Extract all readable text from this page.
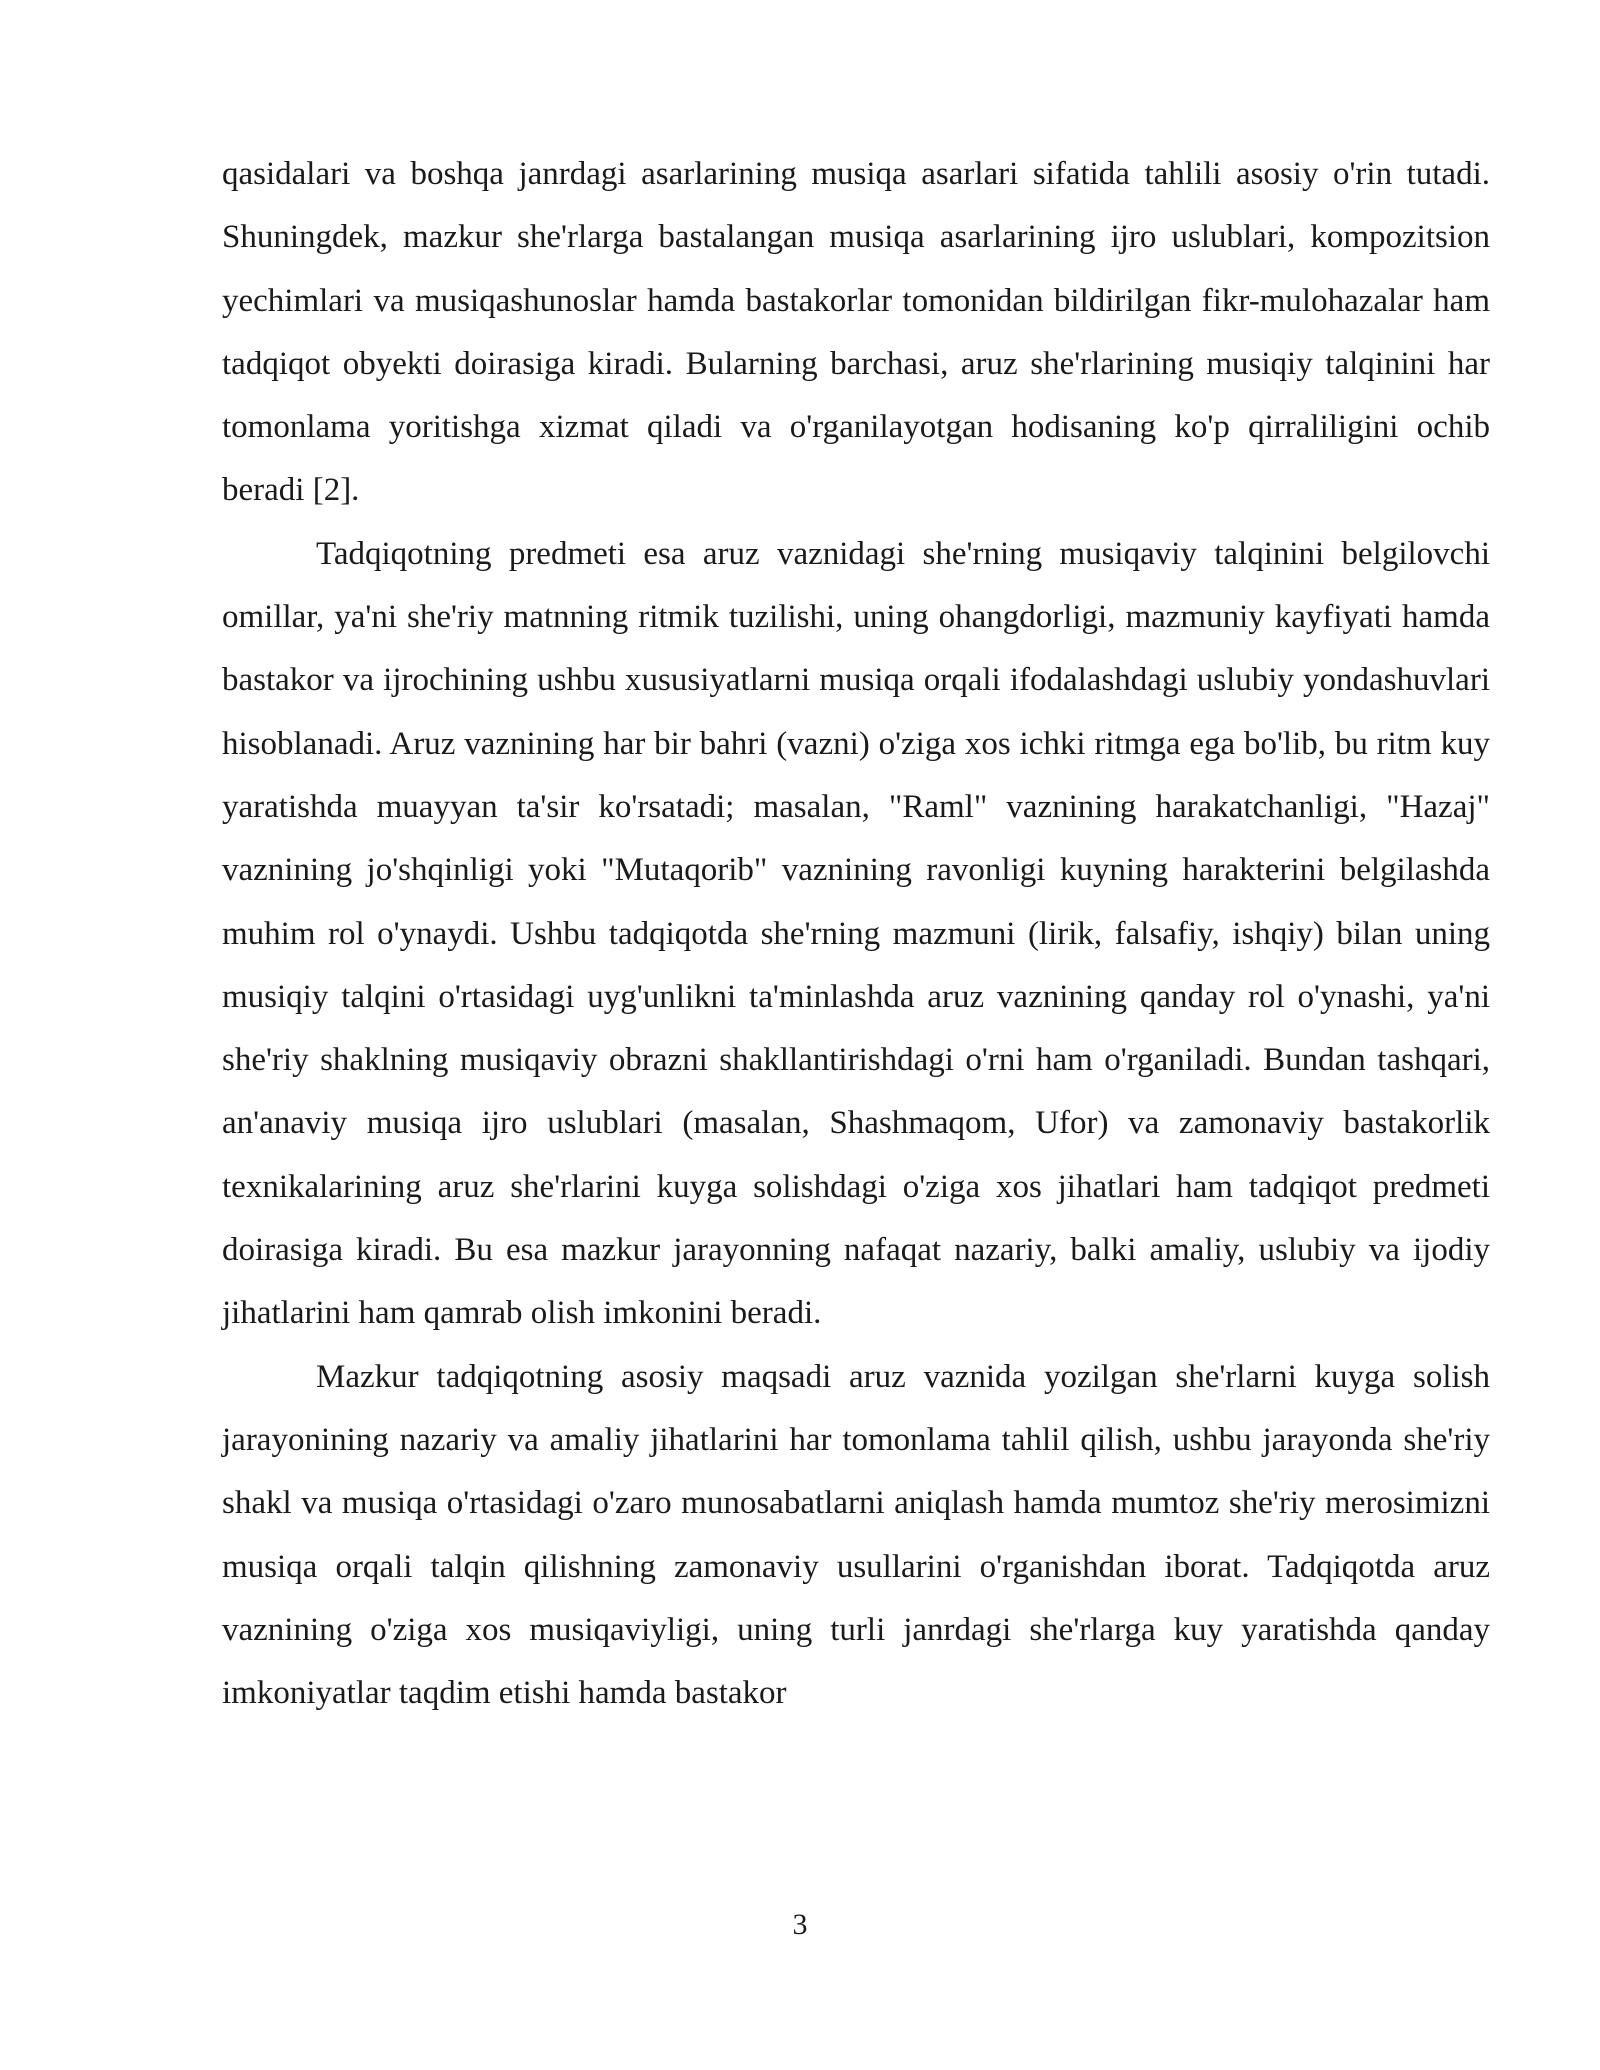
qasidalari va boshqa janrdagi asarlarining musiqa asarlari sifatida tahlili asosiy o'rin tutadi. Shuningdek, mazkur she'rlarga bastalangan musiqa asarlarining ijro uslublari, kompozitsion yechimlari va musiqashunoslar hamda bastakorlar tomonidan bildirilgan fikr-mulohazalar ham tadqiqot obyekti doirasiga kiradi. Bularning barchasi, aruz she'rlarining musiqiy talqinini har tomonlama yoritishga xizmat qiladi va o'rganilayotgan hodisaning ko'p qirraliligini ochib beradi [2].

Tadqiqotning predmeti esa aruz vaznidagi she'rning musiqaviy talqinini belgilovchi omillar, ya'ni she'riy matnning ritmik tuzilishi, uning ohangdorligi, mazmuniy kayfiyati hamda bastakor va ijrochining ushbu xususiyatlarni musiqa orqali ifodalashdagi uslubiy yondashuvlari hisoblanadi. Aruz vaznining har bir bahri (vazni) o'ziga xos ichki ritmga ega bo'lib, bu ritm kuy yaratishda muayyan ta'sir ko'rsatadi; masalan, "Raml" vaznining harakatchanligi, "Hazaj" vaznining jo'shqinligi yoki "Mutaqorib" vaznining ravonligi kuyning harakterini belgilashda muhim rol o'ynaydi. Ushbu tadqiqotda she'rning mazmuni (lirik, falsafiy, ishqiy) bilan uning musiqiy talqini o'rtasidagi uyg'unlikni ta'minlashda aruz vaznining qanday rol o'ynashi, ya'ni she'riy shaklning musiqaviy obrazni shakllantirishdagi o'rni ham o'rganiladi. Bundan tashqari, an'anaviy musiqa ijro uslublari (masalan, Shashmaqom, Ufor) va zamonaviy bastakorlik texnikalarining aruz she'rlarini kuyga solishdagi o'ziga xos jihatlari ham tadqiqot predmeti doirasiga kiradi. Bu esa mazkur jarayonning nafaqat nazariy, balki amaliy, uslubiy va ijodiy jihatlarini ham qamrab olish imkonini beradi.

Mazkur tadqiqotning asosiy maqsadi aruz vaznida yozilgan she'rlarni kuyga solish jarayonining nazariy va amaliy jihatlarini har tomonlama tahlil qilish, ushbu jarayonda she'riy shakl va musiqa o'rtasidagi o'zaro munosabatlarni aniqlash hamda mumtoz she'riy merosimizni musiqa orqali talqin qilishning zamonaviy usullarini o'rganishdan iborat. Tadqiqotda aruz vaznining o'ziga xos musiqaviyligi, uning turli janrdagi she'rlarga kuy yaratishda qanday imkoniyatlar taqdim etishi hamda bastakor

3
